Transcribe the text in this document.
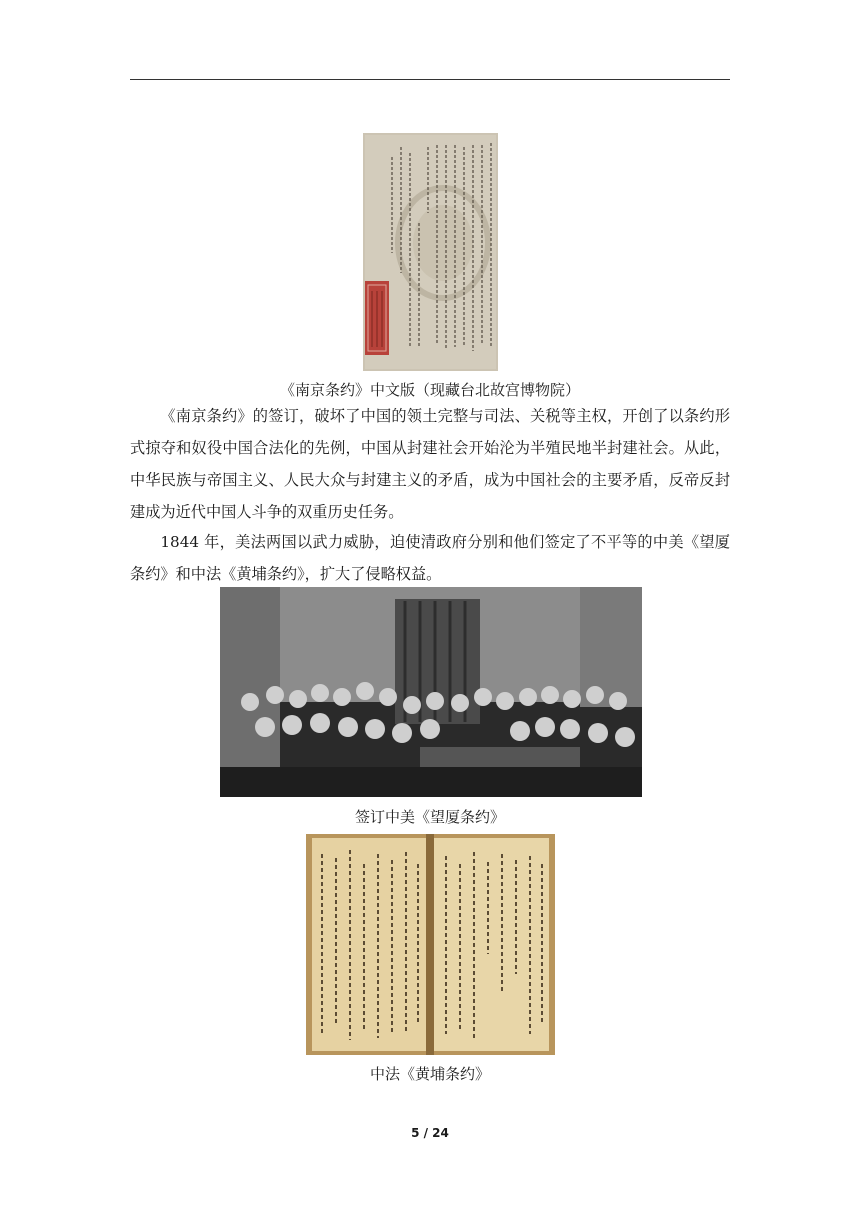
《南京条约》中文版（现藏台北故宫博物院）
《南京条约》的签订，破坏了中国的领土完整与司法、关税等主权，开创了以条约形式掠夺和奴役中国合法化的先例，中国从封建社会开始沦为半殖民地半封建社会。从此，中华民族与帝国主义、人民大众与封建主义的矛盾，成为中国社会的主要矛盾，反帝反封建成为近代中国人斗争的双重历史任务。
1844 年，美法两国以武力威胁，迫使清政府分别和他们签定了不平等的中美《望厦条约》和中法《黄埔条约》，扩大了侵略权益。
签订中美《望厦条约》
中法《黄埔条约》
5 / 24
